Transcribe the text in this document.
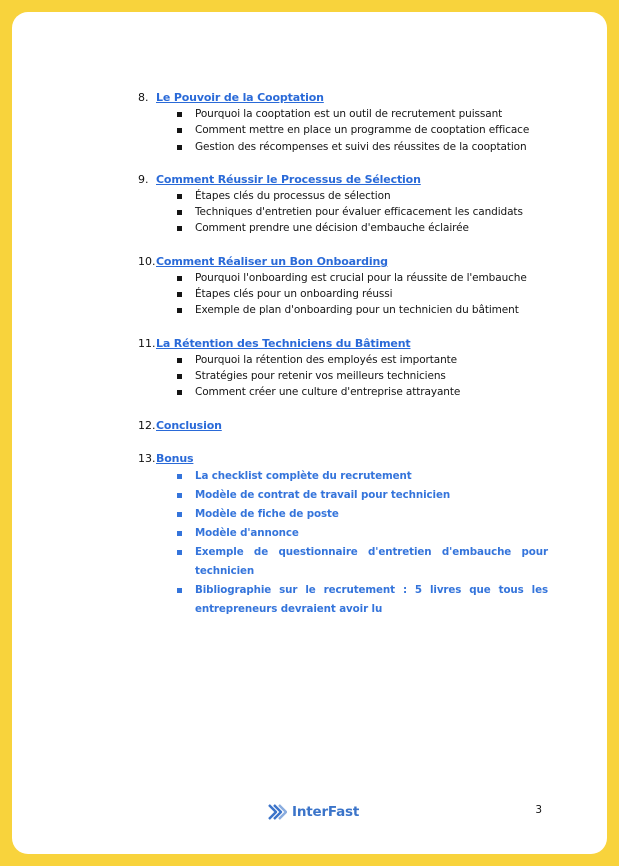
8. Le Pouvoir de la Cooptation
Pourquoi la cooptation est un outil de recrutement puissant
Comment mettre en place un programme de cooptation efficace
Gestion des récompenses et suivi des réussites de la cooptation
9. Comment Réussir le Processus de Sélection
Étapes clés du processus de sélection
Techniques d'entretien pour évaluer efficacement les candidats
Comment prendre une décision d'embauche éclairée
10. Comment Réaliser un Bon Onboarding
Pourquoi l'onboarding est crucial pour la réussite de l'embauche
Étapes clés pour un onboarding réussi
Exemple de plan d'onboarding pour un technicien du bâtiment
11. La Rétention des Techniciens du Bâtiment
Pourquoi la rétention des employés est importante
Stratégies pour retenir vos meilleurs techniciens
Comment créer une culture d'entreprise attrayante
12. Conclusion
13. Bonus
La checklist complète du recrutement
Modèle de contrat de travail pour technicien
Modèle de fiche de poste
Modèle d'annonce
Exemple de questionnaire d'entretien d'embauche pour technicien
Bibliographie sur le recrutement : 5 livres que tous les entrepreneurs devraient avoir lu
InterFast	3
